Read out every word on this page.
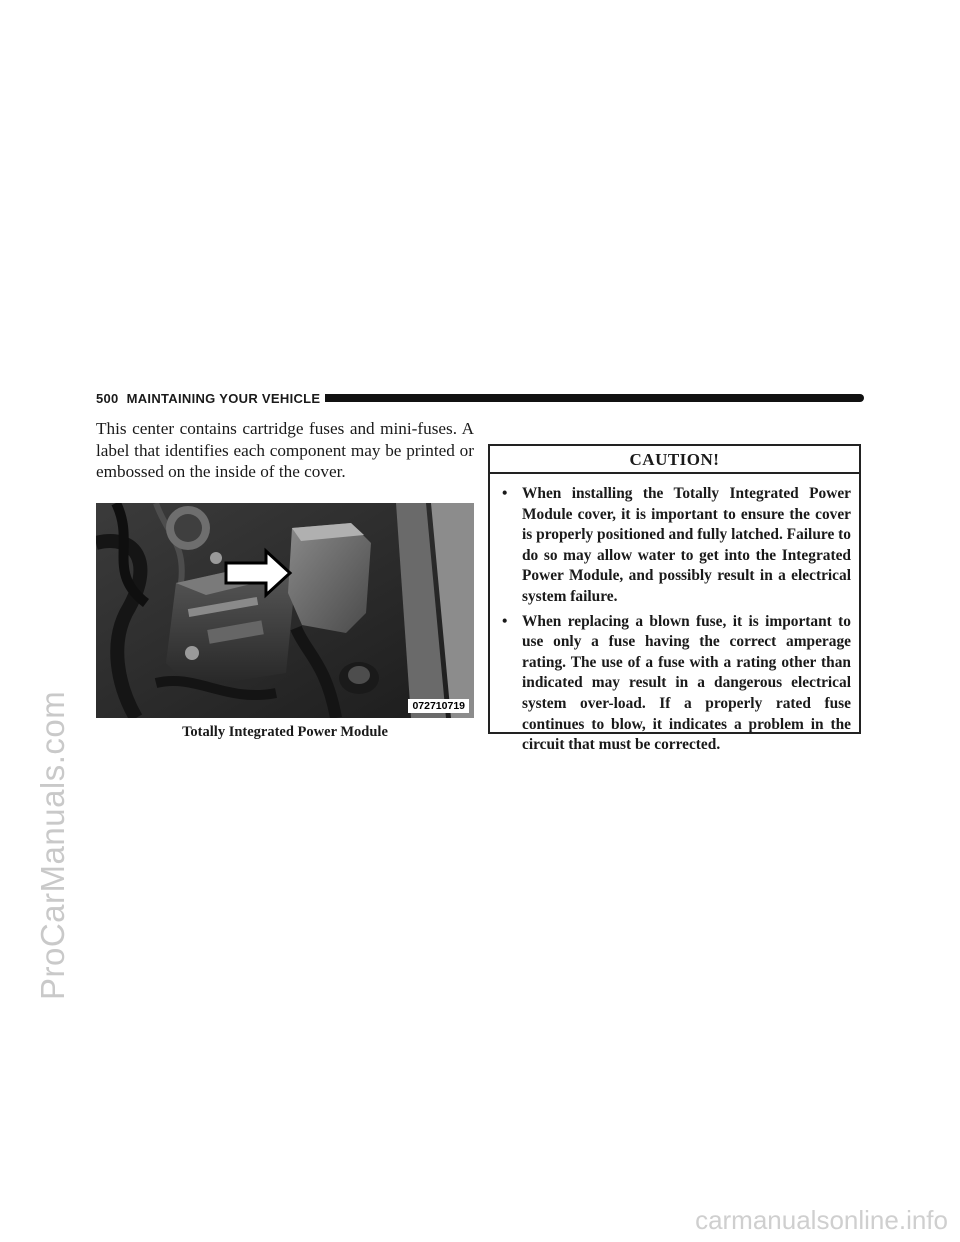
ProCarManuals.com
carmanualsonline.info
500 MAINTAINING YOUR VEHICLE

This center contains cartridge fuses and mini-fuses. A label that identifies each component may be printed or embossed on the inside of the cover.

072710719
Totally Integrated Power Module
CAUTION!
• When installing the Totally Integrated Power Module cover, it is important to ensure the cover is properly positioned and fully latched. Failure to do so may allow water to get into the Integrated Power Module, and possibly result in a electrical system failure.
• When replacing a blown fuse, it is important to use only a fuse having the correct amperage rating. The use of a fuse with a rating other than indicated may result in a dangerous electrical system over-load. If a properly rated fuse continues to blow, it indicates a problem in the circuit that must be corrected.
